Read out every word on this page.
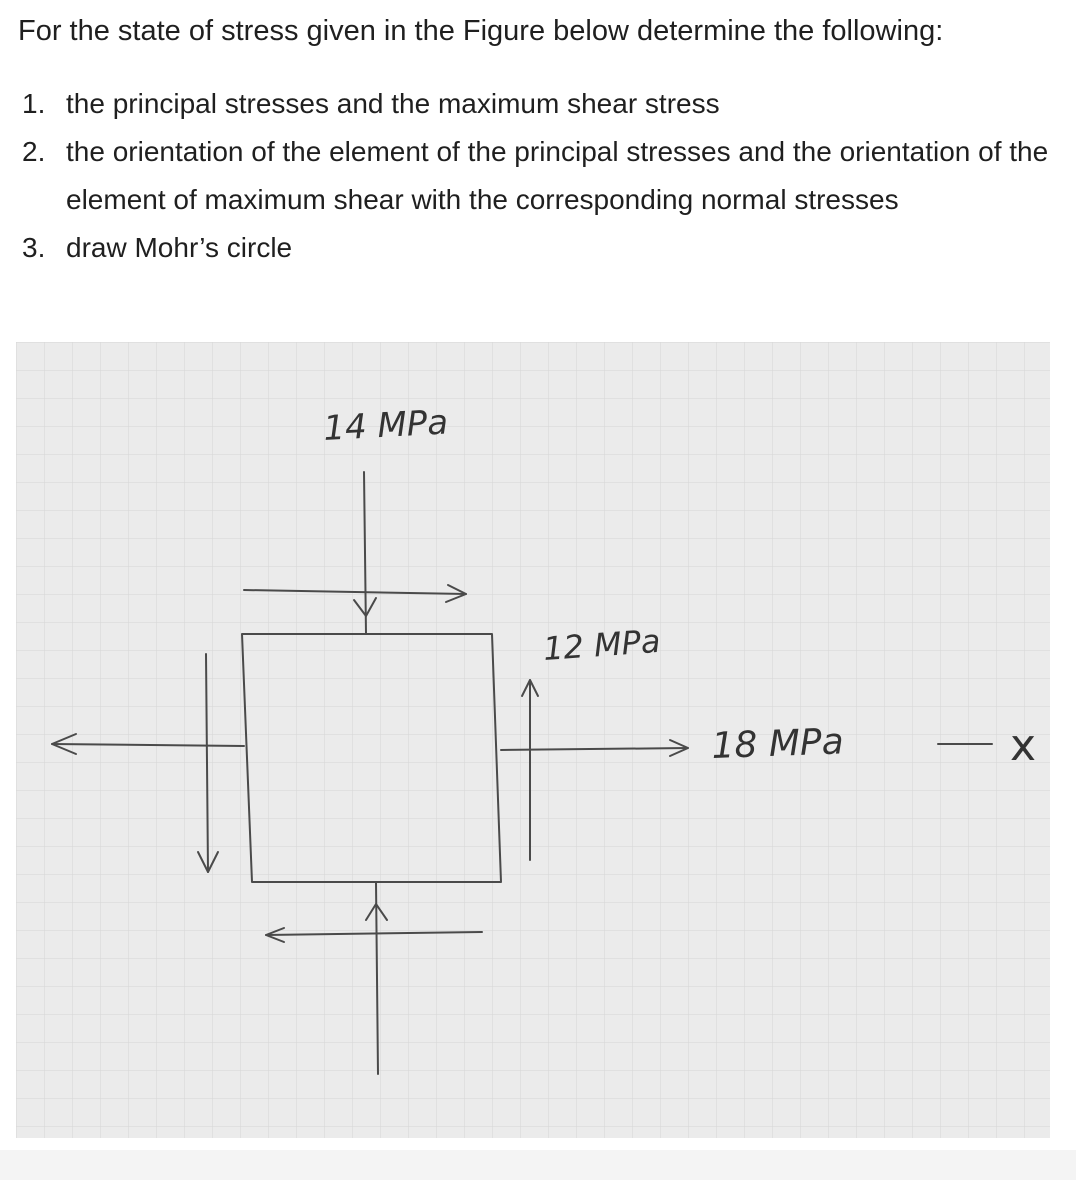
For the state of stress given in the Figure below determine the following:

1. the principal stresses and the maximum shear stress
2. the orientation of the element of the principal stresses and the orientation of the element of maximum shear with the corresponding normal stresses
3. draw Mohr’s circle
14 MPa
12 MPa
18 MPa	x
